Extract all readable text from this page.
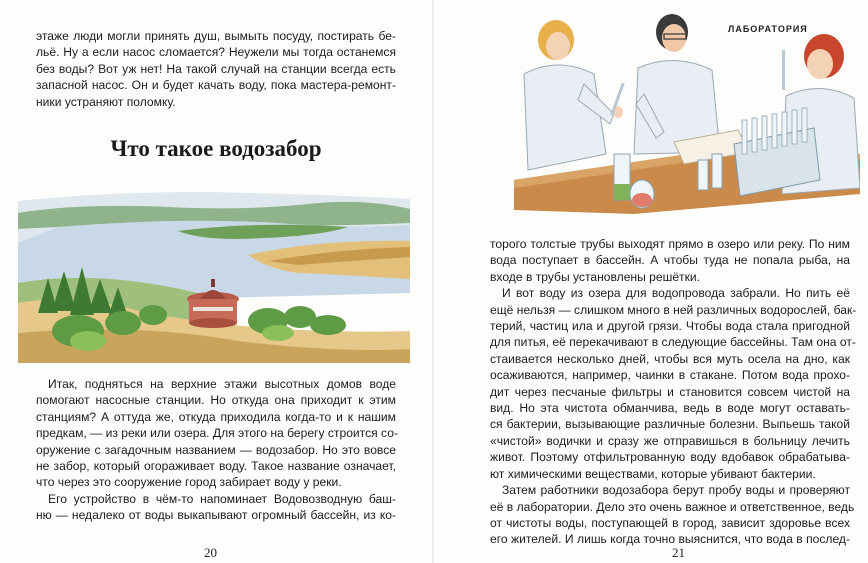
этаже люди могли принять душ, вымыть посуду, постирать бе-
льё. Ну а если насос сломается? Неужели мы тогда останемся
без воды? Вот уж нет! На такой случай на станции всегда есть
запасной насос. Он и будет качать воду, пока мастера-ремонт-
ники устраняют поломку.
Что такое водозабор
Итак, подняться на верхние этажи высотных домов воде
помогают насосные станции. Но откуда она приходит к этим
станциям? А оттуда же, откуда приходила когда-то и к нашим
предкам, — из реки или озера. Для этого на берегу строится со-
оружение с загадочным названием — водозабор. Но это вовсе
не забор, который огораживает воду. Такое название означает,
что через это сооружение город забирает воду у реки.
Его устройство в чём-то напоминает Водовозводную баш-
ню — недалеко от воды выкапывают огромный бассейн, из ко-
20
ЛАБОРАТОРИЯ
торого толстые трубы выходят прямо в озеро или реку. По ним
вода поступает в бассейн. А чтобы туда не попала рыба, на
входе в трубы установлены решётки.
И вот воду из озера для водопровода забрали. Но пить её
ещё нельзя — слишком много в ней различных водорослей, бак-
терий, частиц ила и другой грязи. Чтобы вода стала пригодной
для питья, её перекачивают в следующие бассейны. Там она от-
стаивается несколько дней, чтобы вся муть осела на дно, как
осаживаются, например, чаинки в стакане. Потом вода прохо-
дит через песчаные фильтры и становится совсем чистой на
вид. Но эта чистота обманчива, ведь в воде могут оставать-
ся бактерии, вызывающие различные болезни. Выпьешь такой
«чистой» водички и сразу же отправишься в больницу лечить
живот. Поэтому отфильтрованную воду вдобавок обрабатыва-
ют химическими веществами, которые убивают бактерии.
Затем работники водозабора берут пробу воды и проверяют
её в лаборатории. Дело это очень важное и ответственное, ведь
от чистоты воды, поступающей в город, зависит здоровье всех
его жителей. И лишь когда точно выяснится, что вода в послед-
21
